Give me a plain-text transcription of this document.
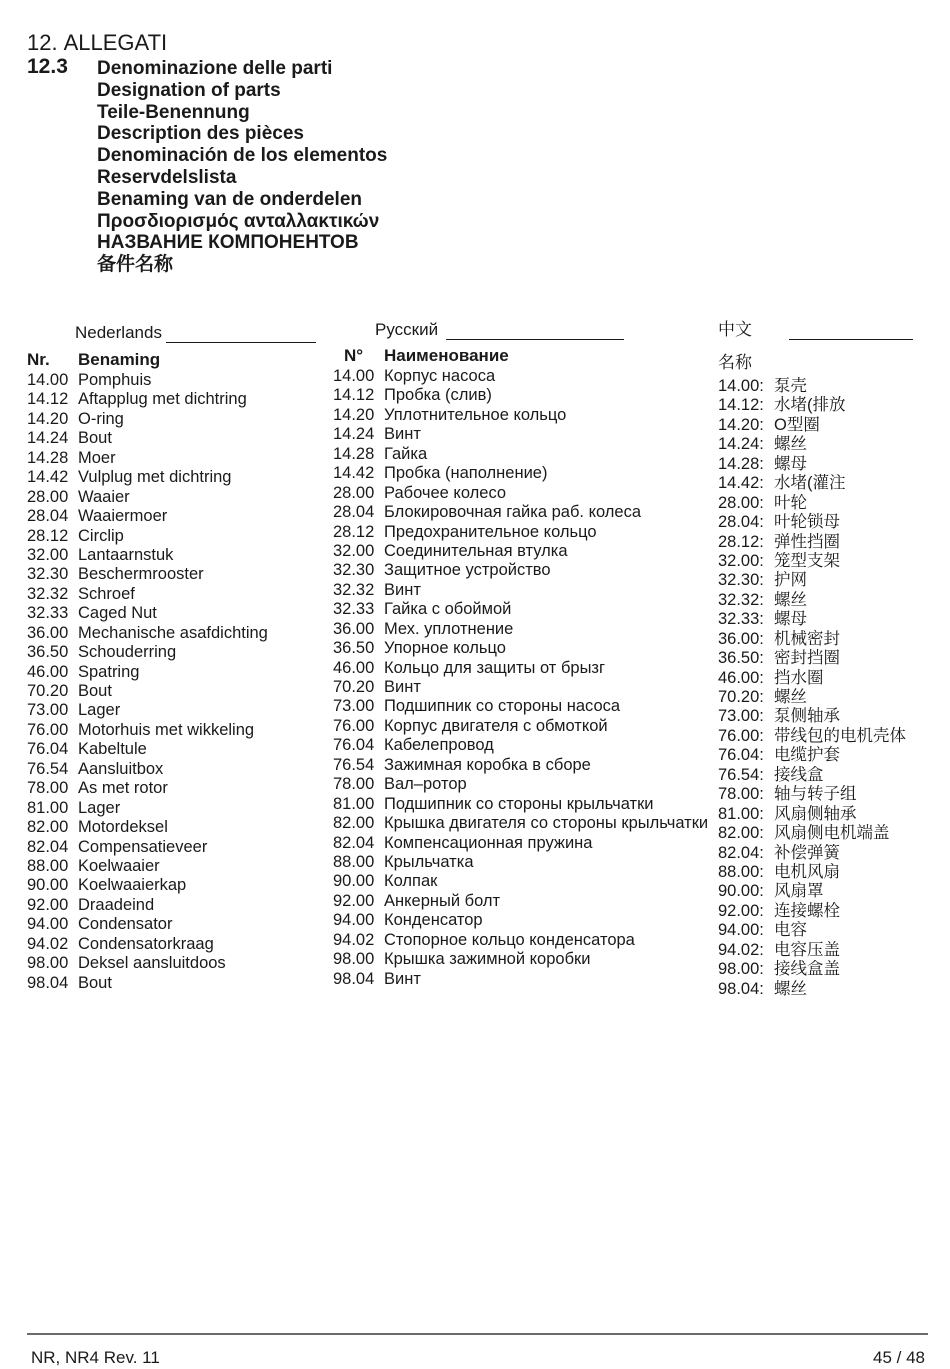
12. ALLEGATI
12.3 Denominazione delle parti
Designation of parts
Teile-Benennung
Description des pièces
Denominación de los elementos
Reservdelslista
Benaming van de onderdelen
Προσδιορισμός ανταλλακτικών
НАЗВАНИЕ КОМПОНЕНТОВ
备件名称
Nederlands
Nr. Benaming
14.00 Pomphuis
14.12 Aftapplug met dichtring
14.20 O-ring
14.24 Bout
14.28 Moer
14.42 Vulplug met dichtring
28.00 Waaier
28.04 Waaiermoer
28.12 Circlip
32.00 Lantaarnstuk
32.30 Beschermrooster
32.32 Schroef
32.33 Caged Nut
36.00 Mechanische asafdichting
36.50 Schouderring
46.00 Spatring
70.20 Bout
73.00 Lager
76.00 Motorhuis met wikkeling
76.04 Kabeltule
76.54 Aansluitbox
78.00 As met rotor
81.00 Lager
82.00 Motordeksel
82.04 Compensatieveer
88.00 Koelwaaier
90.00 Koelwaaierkap
92.00 Draadeind
94.00 Condensator
94.02 Condensatorkraag
98.00 Deksel aansluitdoos
98.04 Bout
Русский
N° Наименование
14.00 Корпус насоса
14.12 Пробка (слив)
14.20 Уплотнительное кольцо
14.24 Винт
14.28 Гайка
14.42 Пробка (наполнение)
28.00 Рабочее колесо
28.04 Блокировочная гайка раб. колеса
28.12 Предохранительное кольцо
32.00 Соединительная втулка
32.30 Защитное устройство
32.32 Винт
32.33 Гайка с обоймой
36.00 Мех. уплотнение
36.50 Упорное кольцо
46.00 Кольцо для защиты от брызг
70.20 Винт
73.00 Подшипник со стороны насоса
76.00 Корпус двигателя с обмоткой
76.04 Кабелепровод
76.54 Зажимная коробка в сборе
78.00 Вал–ротор
81.00 Подшипник со стороны крыльчатки
82.00 Крышка двигателя со стороны крыльчатки
82.04 Компенсационная пружина
88.00 Крыльчатка
90.00 Колпак
92.00 Анкерный болт
94.00 Конденсатор
94.02 Стопорное кольцо конденсатора
98.00 Крышка зажимной коробки
98.04 Винт
中文
名称
14.00: 泵壳
14.12: 水堵(排放
14.20: O型圈
14.24: 螺丝
14.28: 螺母
14.42: 水堵(灌注
28.00: 叶轮
28.04: 叶轮锁母
28.12: 弹性挡圈
32.00: 笼型支架
32.30: 护网
32.32: 螺丝
32.33: 螺母
36.00: 机械密封
36.50: 密封挡圈
46.00: 挡水圈
70.20: 螺丝
73.00: 泵侧轴承
76.00: 带线包的电机壳体
76.04: 电缆护套
76.54: 接线盒
78.00: 轴与转子组
81.00: 风扇侧轴承
82.00: 风扇侧电机端盖
82.04: 补偿弹簧
88.00: 电机风扇
90.00: 风扇罩
92.00: 连接螺栓
94.00: 电容
94.02: 电容压盖
98.00: 接线盒盖
98.04: 螺丝
NR, NR4 Rev. 11	45 / 48
